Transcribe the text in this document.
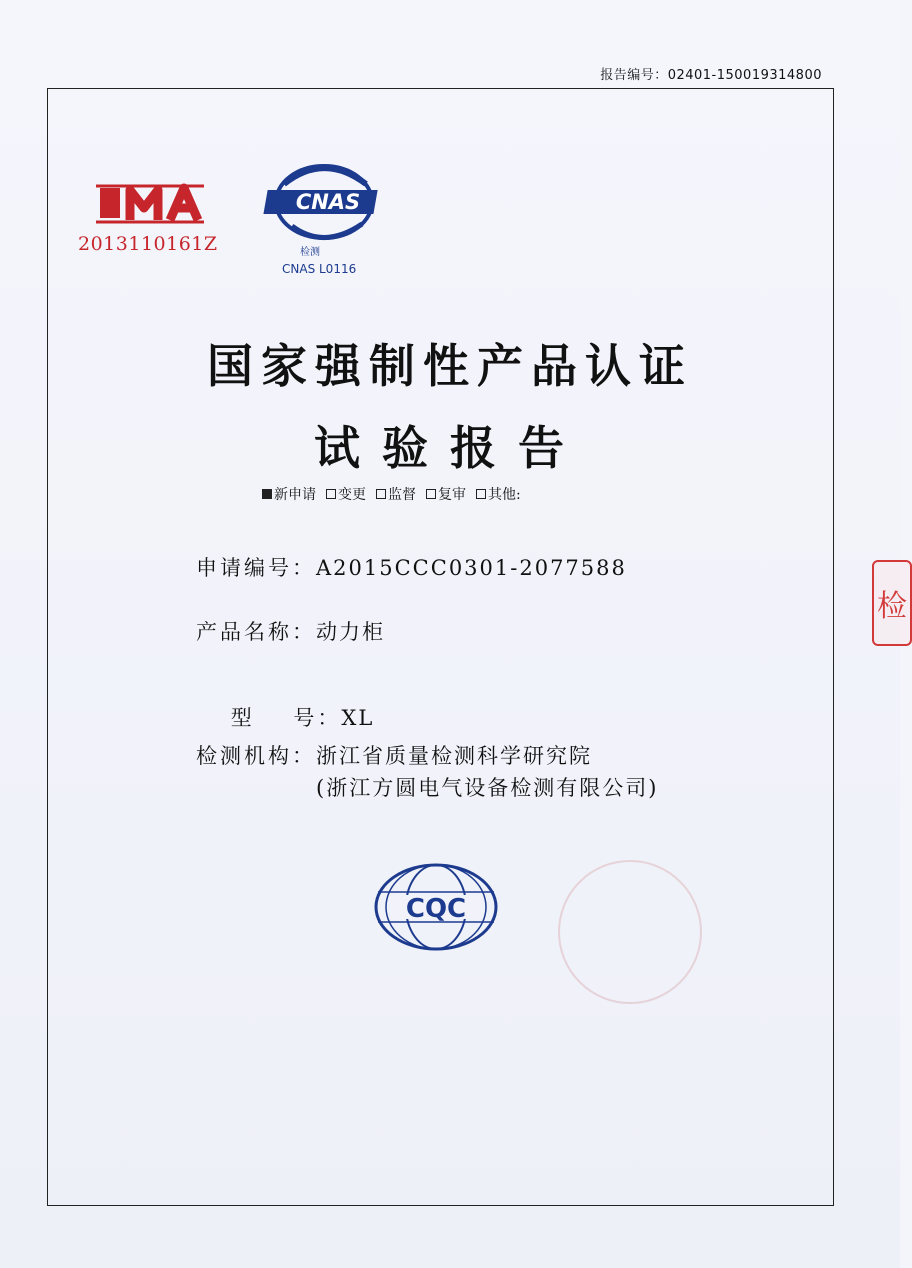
报告编号：02401-150019314800
2013110161Z
CNAS
检测
CNAS L0116
国家强制性产品认证
试验报告
新申请 变更 监督 复审 其他:
申请编号：A2015CCC0301-2077588
产品名称：动力柜

型    号：XL

检测机构：浙江省质量检测科学研究院
(浙江方圆电气设备检测有限公司)
CQC
检
